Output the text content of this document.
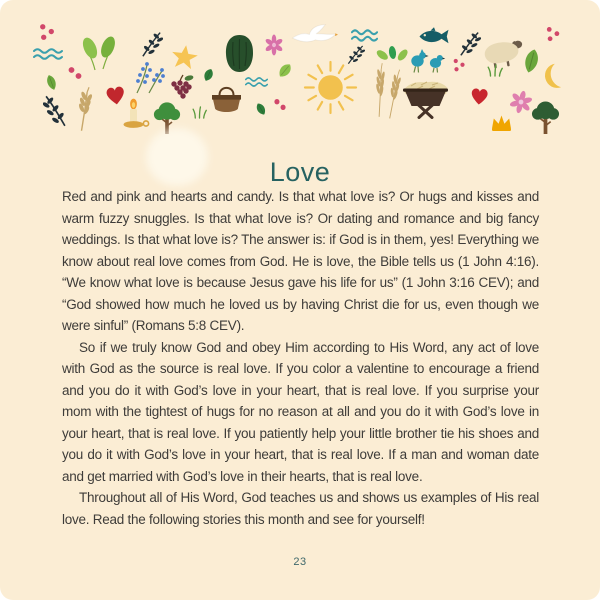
Love

Red and pink and hearts and candy. Is that what love is? Or hugs and kisses and warm fuzzy snuggles. Is that what love is? Or dating and romance and big fancy weddings. Is that what love is? The answer is: if God is in them, yes! Everything we know about real love comes from God. He is love, the Bible tells us (1 John 4:16). “We know what love is because Jesus gave his life for us” (1 John 3:16 CEV); and “God showed how much he loved us by having Christ die for us, even though we were sinful” (Romans 5:8 CEV).

So if we truly know God and obey Him according to His Word, any act of love with God as the source is real love. If you color a valentine to encourage a friend and you do it with God’s love in your heart, that is real love. If you surprise your mom with the tightest of hugs for no reason at all and you do it with God’s love in your heart, that is real love. If you patiently help your little brother tie his shoes and you do it with God’s love in your heart, that is real love. If a man and woman date and get married with God’s love in their hearts, that is real love.

Throughout all of His Word, God teaches us and shows us examples of His real love. Read the following stories this month and see for yourself!

23
